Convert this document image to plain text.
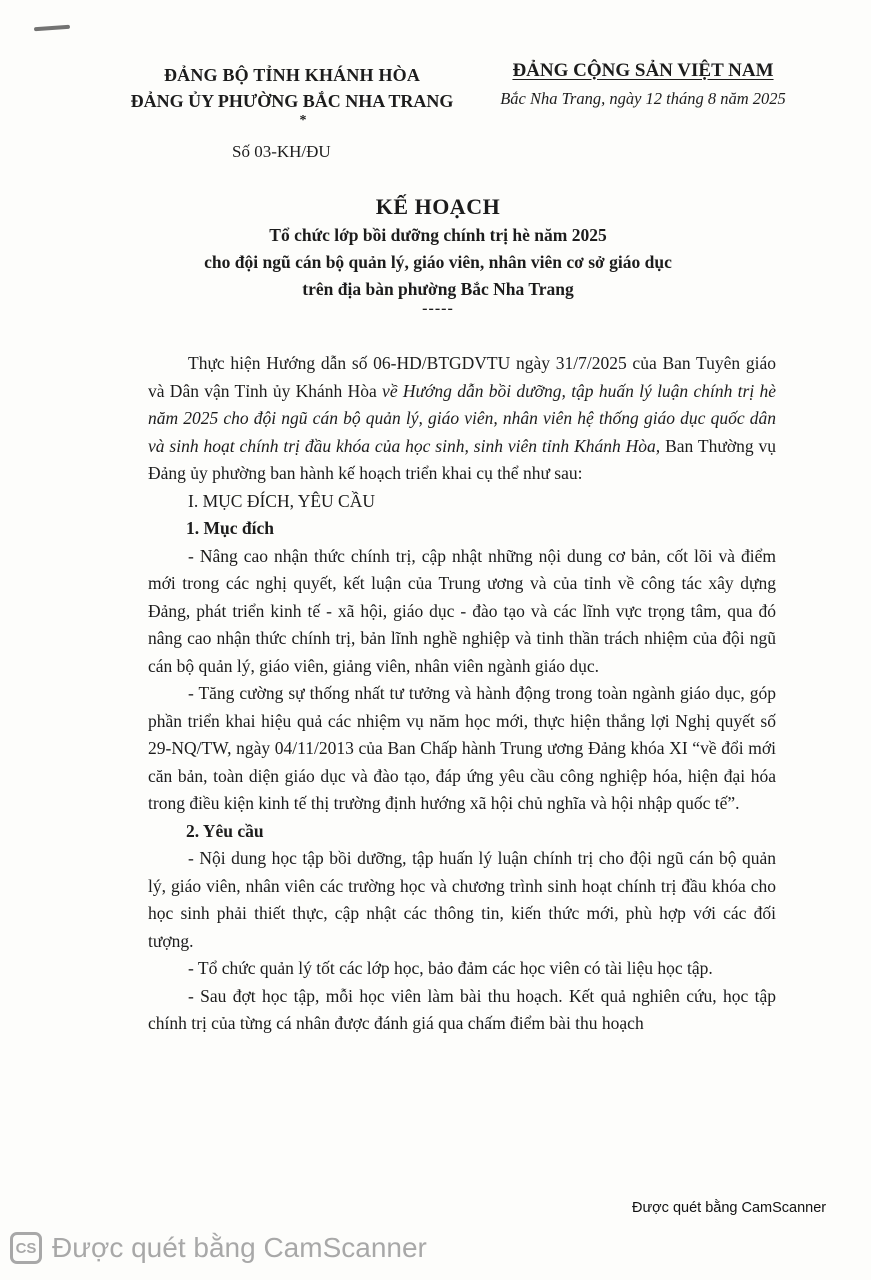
ĐẢNG BỘ TỈNH KHÁNH HÒA
ĐẢNG ỦY PHƯỜNG BẮC NHA TRANG
*
ĐẢNG CỘNG SẢN VIỆT NAM
Bắc Nha Trang, ngày 12 tháng 8 năm 2025
Số 03-KH/ĐU
KẾ HOẠCH
Tổ chức lớp bồi dưỡng chính trị hè năm 2025
cho đội ngũ cán bộ quản lý, giáo viên, nhân viên cơ sở giáo dục
trên địa bàn phường Bắc Nha Trang
-----

Thực hiện Hướng dẫn số 06-HD/BTGDVTU ngày 31/7/2025 của Ban Tuyên giáo và Dân vận Tỉnh ủy Khánh Hòa về Hướng dẫn bồi dưỡng, tập huấn lý luận chính trị hè năm 2025 cho đội ngũ cán bộ quản lý, giáo viên, nhân viên hệ thống giáo dục quốc dân và sinh hoạt chính trị đầu khóa của học sinh, sinh viên tỉnh Khánh Hòa, Ban Thường vụ Đảng ủy phường ban hành kế hoạch triển khai cụ thể như sau:

I. MỤC ĐÍCH, YÊU CẦU

1. Mục đích

- Nâng cao nhận thức chính trị, cập nhật những nội dung cơ bản, cốt lõi và điểm mới trong các nghị quyết, kết luận của Trung ương và của tỉnh về công tác xây dựng Đảng, phát triển kinh tế - xã hội, giáo dục - đào tạo và các lĩnh vực trọng tâm, qua đó nâng cao nhận thức chính trị, bản lĩnh nghề nghiệp và tinh thần trách nhiệm của đội ngũ cán bộ quản lý, giáo viên, giảng viên, nhân viên ngành giáo dục.

- Tăng cường sự thống nhất tư tưởng và hành động trong toàn ngành giáo dục, góp phần triển khai hiệu quả các nhiệm vụ năm học mới, thực hiện thắng lợi Nghị quyết số 29-NQ/TW, ngày 04/11/2013 của Ban Chấp hành Trung ương Đảng khóa XI “về đổi mới căn bản, toàn diện giáo dục và đào tạo, đáp ứng yêu cầu công nghiệp hóa, hiện đại hóa trong điều kiện kinh tế thị trường định hướng xã hội chủ nghĩa và hội nhập quốc tế”.

2. Yêu cầu

- Nội dung học tập bồi dưỡng, tập huấn lý luận chính trị cho đội ngũ cán bộ quản lý, giáo viên, nhân viên các trường học và chương trình sinh hoạt chính trị đầu khóa cho học sinh phải thiết thực, cập nhật các thông tin, kiến thức mới, phù hợp với các đối tượng.

- Tổ chức quản lý tốt các lớp học, bảo đảm các học viên có tài liệu học tập.

- Sau đợt học tập, mỗi học viên làm bài thu hoạch. Kết quả nghiên cứu, học tập chính trị của từng cá nhân được đánh giá qua chấm điểm bài thu hoạch

Được quét bằng CamScanner
CS Được quét bằng CamScanner
